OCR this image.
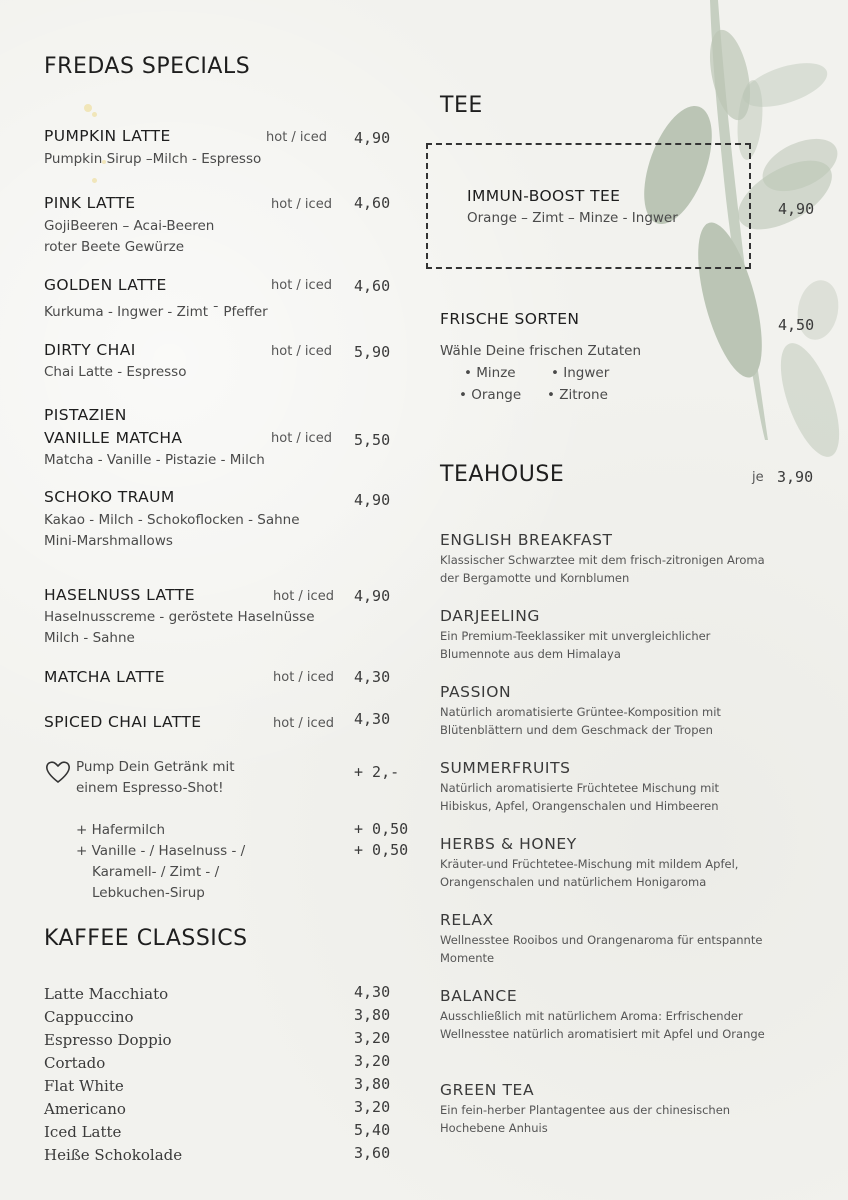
FREDAS SPECIALS
PUMPKIN LATTE	hot / iced 4,90
Pumpkin Sirup –Milch - Espresso
PINK LATTE	hot / iced 4,60
GojiBeeren – Acai-Beeren
roter Beete Gewürze
GOLDEN LATTE	hot / iced 4,60
Kurkuma - Ingwer - Zimt ˉ Pfeffer
DIRTY CHAI	hot / iced 5,90
Chai Latte - Espresso
PISTAZIEN
VANILLE MATCHA	hot / iced 5,50
Matcha - Vanille - Pistazie - Milch
SCHOKO TRAUM	4,90
Kakao - Milch - Schokoflocken - Sahne
Mini-Marshmallows
HASELNUSS LATTE	hot / iced 4,90
Haselnusscreme - geröstete Haselnüsse
Milch - Sahne
MATCHA LATTE	hot / iced 4,30
SPICED CHAI LATTE	hot / iced 4,30
Pump Dein Getränk mit
einem Espresso-Shot!
+ 2,-
+ Hafermilch	+ 0,50
+ Vanille - / Haselnuss - /
Karamell- / Zimt - /
Lebkuchen-Sirup
+ 0,50
KAFFEE CLASSICS
Latte Macchiato	4,30
Cappuccino	3,80
Espresso Doppio	3,20
Cortado	3,20
Flat White	3,80
Americano	3,20
Iced Latte	5,40
Heiße Schokolade	3,60
TEE
IMMUN-BOOST TEE
Orange – Zimt – Minze - Ingwer	4,90
FRISCHE SORTEN	4,50
Wähle Deine frischen Zutaten
• Minze	• Ingwer
• Orange • Zitrone
TEAHOUSE	je 3,90
ENGLISH BREAKFAST
Klassischer Schwarztee mit dem frisch-zitronigen Aroma der Bergamotte und Kornblumen
DARJEELING
Ein Premium-Teeklassiker mit unvergleichlicher Blumennote aus dem Himalaya
PASSION
Natürlich aromatisierte Grüntee-Komposition mit Blütenblättern und dem Geschmack der Tropen
SUMMERFRUITS
Natürlich aromatisierte Früchtetee Mischung mit Hibiskus, Apfel, Orangenschalen und Himbeeren
HERBS & HONEY
Kräuter-und Früchtetee-Mischung mit mildem Apfel, Orangenschalen und natürlichem Honigaroma
RELAX
Wellnesstee Rooibos und Orangenaroma für entspannte Momente
BALANCE
Ausschließlich mit natürlichem Aroma: Erfrischender Wellnesstee natürlich aromatisiert mit Apfel und Orange
GREEN TEA
Ein fein-herber Plantagentee aus der chinesischen Hochebene Anhuis
